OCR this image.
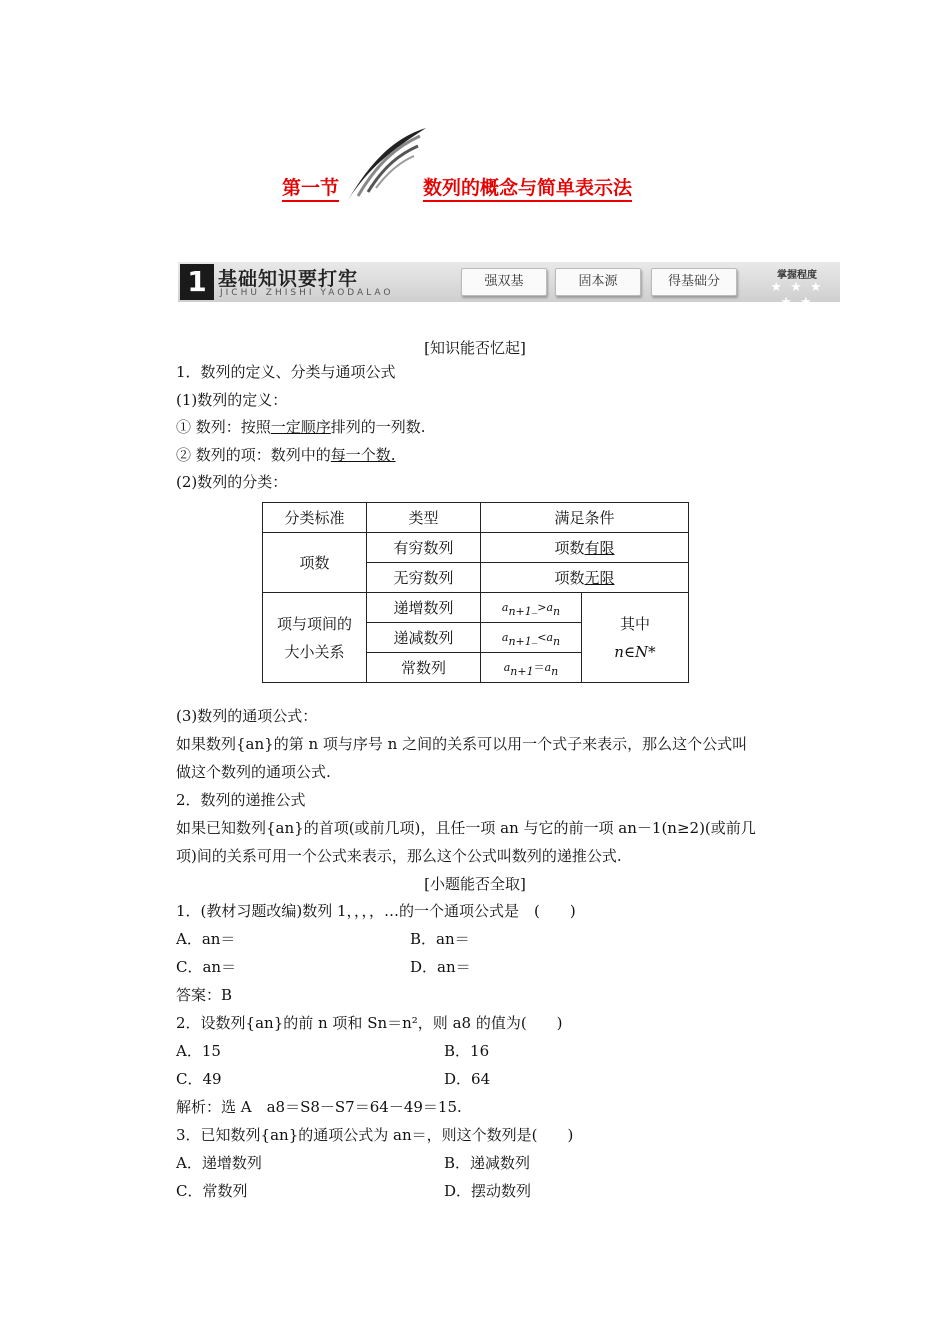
第一节	数列的概念与简单表示法
1 基础知识要打牢
JICHU ZHISHI YAODALAO
强双基	固本源	得基础分	掌握程度
★ ★ ★ ★ ★
[知识能否忆起]
1．数列的定义、分类与通项公式
(1)数列的定义：
① 数列：按照一定顺序排列的一列数.
② 数列的项：数列中的每一个数.
(2)数列的分类：
分类标准	类型	满足条件	
项数	有穷数列	项数有限	
	无穷数列	项数无限	
项与项间的
大小关系	递增数列	$a_{n+1}\_>a_n$	其中
n∈N*
	递减数列	$a_{n+1}\_<a_n$
	常数列	$a_{n+1}=a_n$
(3)数列的通项公式：
如果数列{an}的第 n 项与序号 n 之间的关系可以用一个式子来表示，那么这个公式叫
做这个数列的通项公式.
2．数列的递推公式
如果已知数列{an}的首项(或前几项)，且任一项 an 与它的前一项 an－1(n≥2)(或前几
项)间的关系可用一个公式来表示，那么这个公式叫数列的递推公式.
[小题能否全取]
1．(教材习题改编)数列 1，，，，…的一个通项公式是　(　　)
A．an＝	B．an＝
C．an＝	D．an＝
答案：B
2．设数列{an}的前 n 项和 Sn＝n²，则 a8 的值为(　　)
A．15	B．16
C．49	D．64
解析：选 A　a8＝S8－S7＝64－49＝15.
3．已知数列{an}的通项公式为 an＝，则这个数列是(　　)
A．递增数列	B．递减数列
C．常数列	D．摆动数列
